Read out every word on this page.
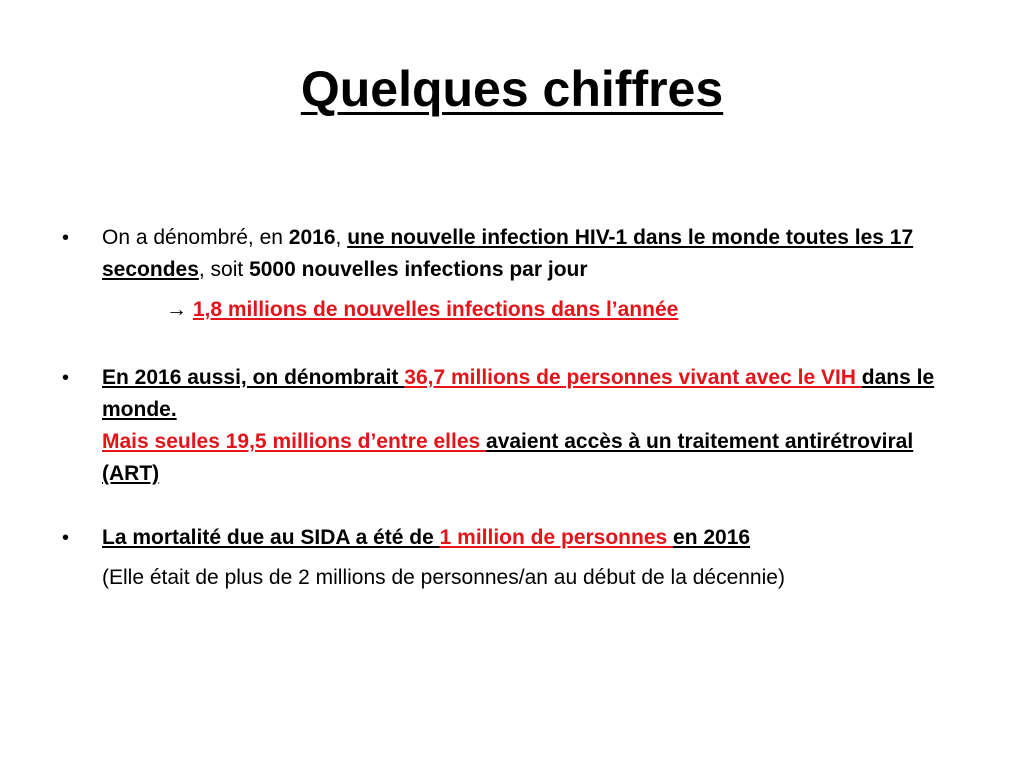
Quelques chiffres
• On a dénombré, en 2016, une nouvelle infection HIV-1 dans le monde toutes les 17 secondes, soit 5000 nouvelles infections par jour
→ 1,8 millions de nouvelles infections dans l’année
• En 2016 aussi, on dénombrait 36,7 millions de personnes vivant avec le VIH dans le monde.
Mais seules 19,5 millions d’entre elles avaient accès à un traitement antirétroviral (ART)
• La mortalité due au SIDA a été de 1 million de personnes en 2016
(Elle était de plus de 2 millions de personnes/an au début de la décennie)
